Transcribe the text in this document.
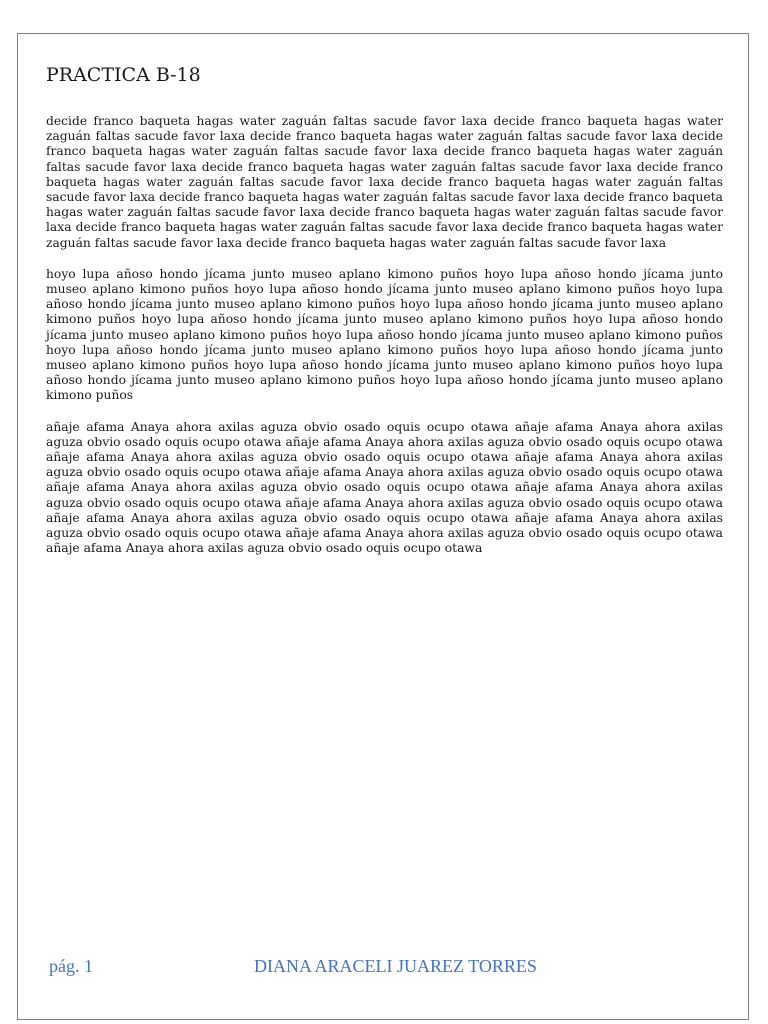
PRACTICA B-18

decide franco baqueta hagas water zaguán faltas sacude favor laxa decide franco baqueta hagas water zaguán faltas sacude favor laxa decide franco baqueta hagas water zaguán faltas sacude favor laxa decide franco baqueta hagas water zaguán faltas sacude favor laxa decide franco baqueta hagas water zaguán faltas sacude favor laxa decide franco baqueta hagas water zaguán faltas sacude favor laxa decide franco baqueta hagas water zaguán faltas sacude favor laxa decide franco baqueta hagas water zaguán faltas sacude favor laxa decide franco baqueta hagas water zaguán faltas sacude favor laxa decide franco baqueta hagas water zaguán faltas sacude favor laxa decide franco baqueta hagas water zaguán faltas sacude favor laxa decide franco baqueta hagas water zaguán faltas sacude favor laxa decide franco baqueta hagas water zaguán faltas sacude favor laxa decide franco baqueta hagas water zaguán faltas sacude favor laxa

hoyo lupa añoso hondo jícama junto museo aplano kimono puños hoyo lupa añoso hondo jícama junto museo aplano kimono puños hoyo lupa añoso hondo jícama junto museo aplano kimono puños hoyo lupa añoso hondo jícama junto museo aplano kimono puños hoyo lupa añoso hondo jícama junto museo aplano kimono puños hoyo lupa añoso hondo jícama junto museo aplano kimono puños hoyo lupa añoso hondo jícama junto museo aplano kimono puños hoyo lupa añoso hondo jícama junto museo aplano kimono puños hoyo lupa añoso hondo jícama junto museo aplano kimono puños hoyo lupa añoso hondo jícama junto museo aplano kimono puños hoyo lupa añoso hondo jícama junto museo aplano kimono puños hoyo lupa añoso hondo jícama junto museo aplano kimono puños hoyo lupa añoso hondo jícama junto museo aplano kimono puños

añaje afama Anaya ahora axilas aguza obvio osado oquis ocupo otawa añaje afama Anaya ahora axilas aguza obvio osado oquis ocupo otawa añaje afama Anaya ahora axilas aguza obvio osado oquis ocupo otawa añaje afama Anaya ahora axilas aguza obvio osado oquis ocupo otawa añaje afama Anaya ahora axilas aguza obvio osado oquis ocupo otawa añaje afama Anaya ahora axilas aguza obvio osado oquis ocupo otawa añaje afama Anaya ahora axilas aguza obvio osado oquis ocupo otawa añaje afama Anaya ahora axilas aguza obvio osado oquis ocupo otawa añaje afama Anaya ahora axilas aguza obvio osado oquis ocupo otawa añaje afama Anaya ahora axilas aguza obvio osado oquis ocupo otawa añaje afama Anaya ahora axilas aguza obvio osado oquis ocupo otawa añaje afama Anaya ahora axilas aguza obvio osado oquis ocupo otawa añaje afama Anaya ahora axilas aguza obvio osado oquis ocupo otawa

pág. 1	DIANA ARACELI JUAREZ TORRES
